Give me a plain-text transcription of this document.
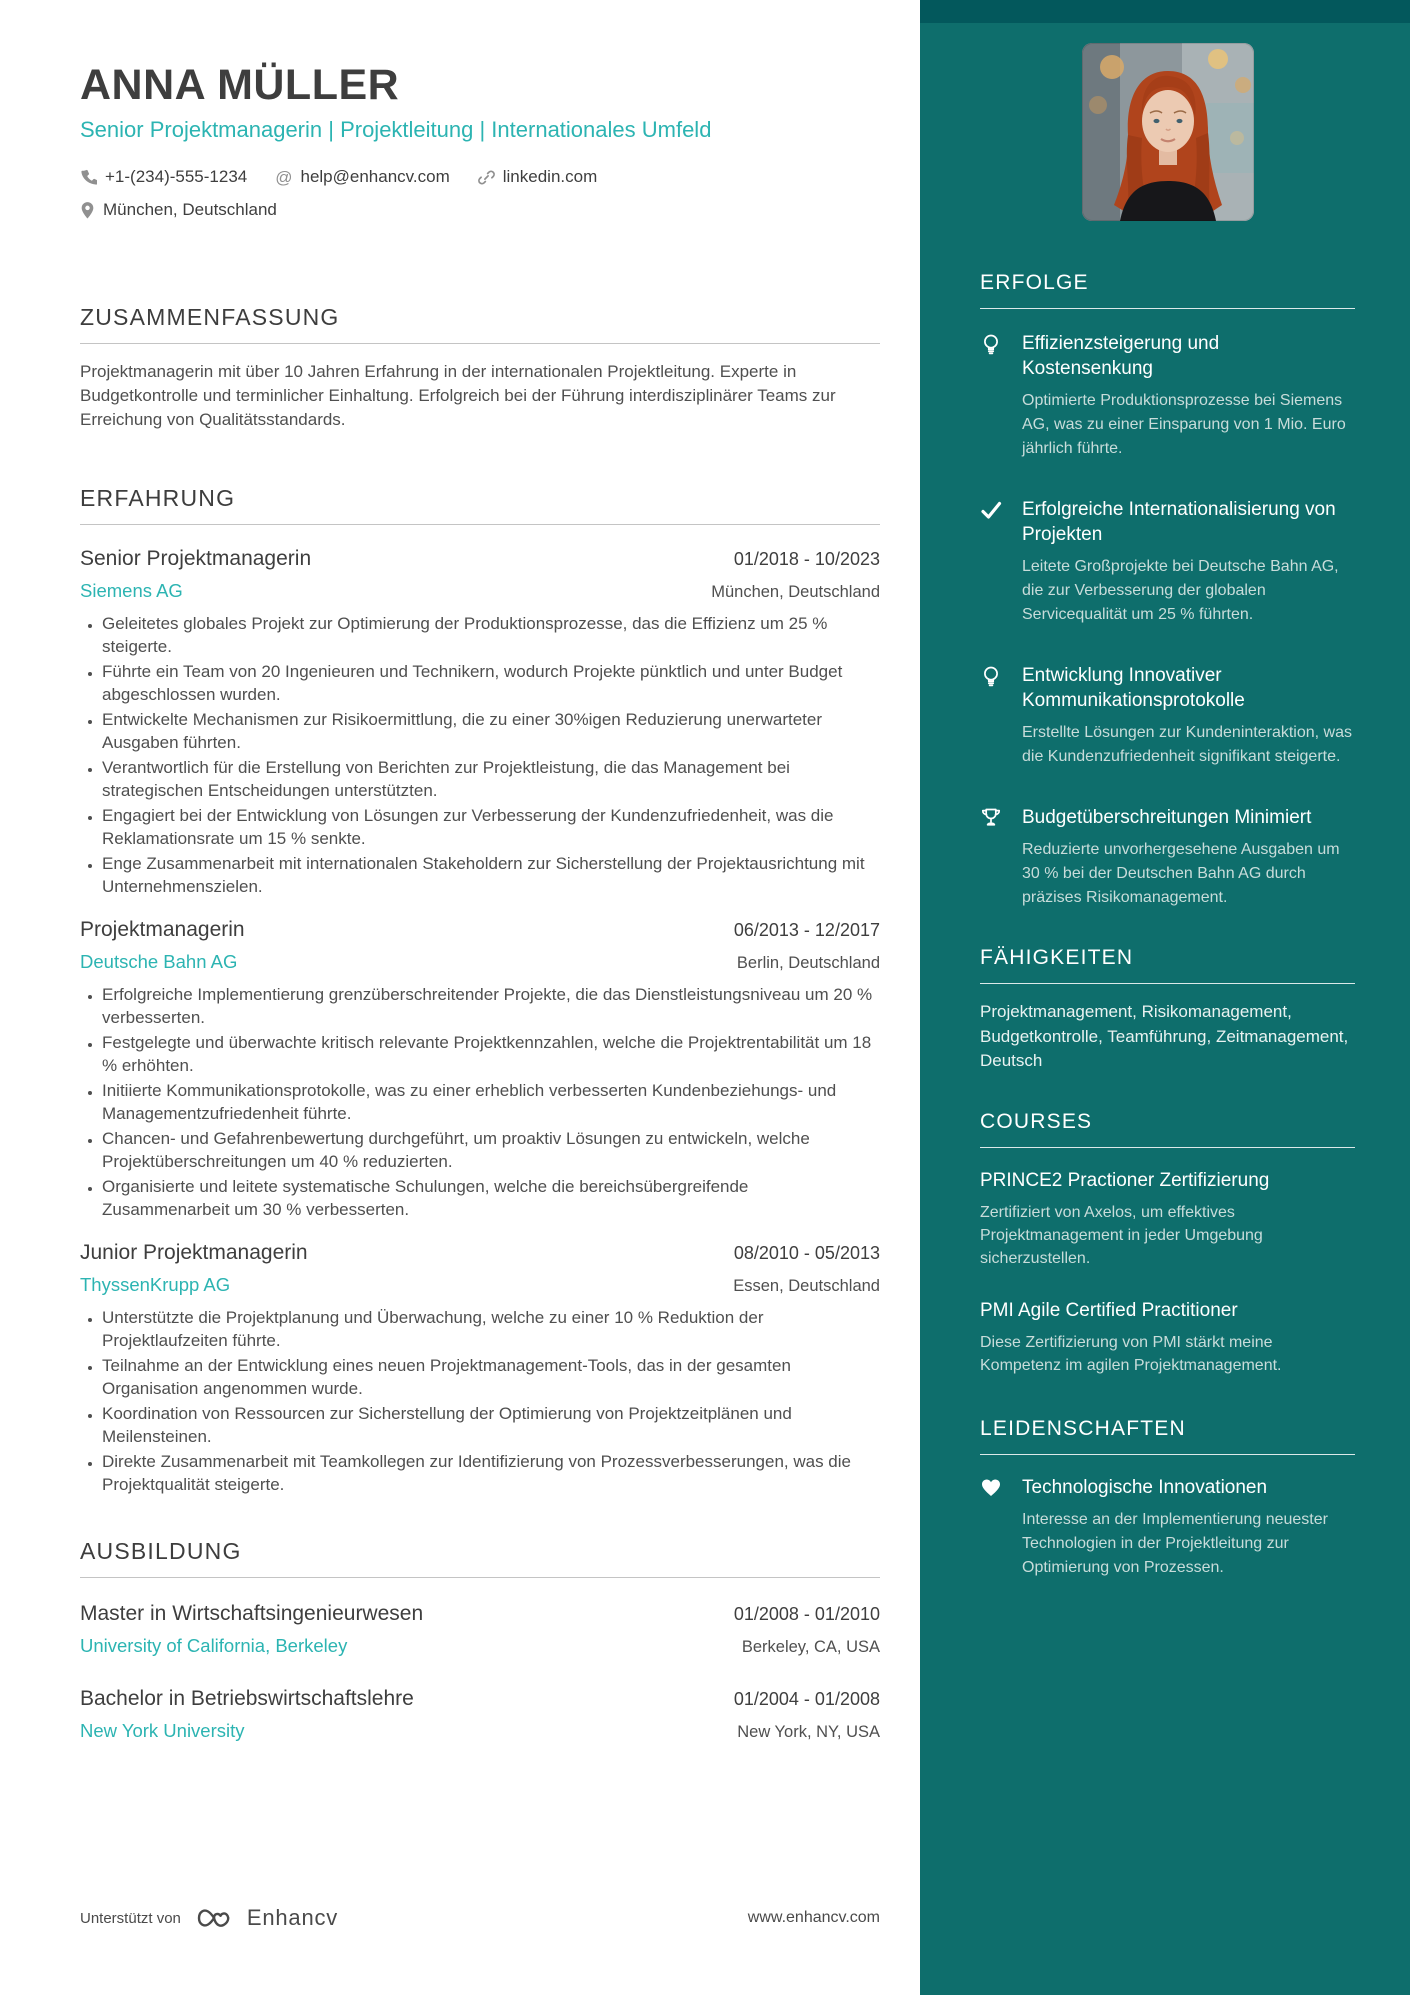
ERFOLGE
Effizienzsteigerung und Kostensenkung
Optimierte Produktionsprozesse bei Siemens AG, was zu einer Einsparung von 1 Mio. Euro jährlich führte.
Erfolgreiche Internationalisierung von Projekten
Leitete Großprojekte bei Deutsche Bahn AG, die zur Verbesserung der globalen Servicequalität um 25 % führten.
Entwicklung Innovativer Kommunikationsprotokolle
Erstellte Lösungen zur Kundeninteraktion, was die Kundenzufriedenheit signifikant steigerte.
Budgetüberschreitungen Minimiert
Reduzierte unvorhergesehene Ausgaben um 30 % bei der Deutschen Bahn AG durch präzises Risikomanagement.
FÄHIGKEITEN

Projektmanagement, Risikomanagement, Budgetkontrolle, Teamführung, Zeitmanagement, Deutsch

COURSES
PRINCE2 Practioner Zertifizierung
Zertifiziert von Axelos, um effektives Projektmanagement in jeder Umgebung sicherzustellen.
PMI Agile Certified Practitioner
Diese Zertifizierung von PMI stärkt meine Kompetenz im agilen Projektmanagement.
LEIDENSCHAFTEN
Technologische Innovationen
Interesse an der Implementierung neuester Technologien in der Projektleitung zur Optimierung von Prozessen.
ANNA MÜLLER

Senior Projektmanagerin | Projektleitung | Internationales Umfeld

+1-(234)-555-1234 @ help@enhancv.com	linkedin.com
München, Deutschland
ZUSAMMENFASSUNG

Projektmanagerin mit über 10 Jahren Erfahrung in der internationalen Projektleitung. Experte in Budgetkontrolle und terminlicher Einhaltung. Erfolgreich bei der Führung interdisziplinärer Teams zur Erreichung von Qualitätsstandards.

ERFAHRUNG
Senior Projektmanagerin	01/2018 - 10/2023
Siemens AG	München, Deutschland
• Geleitetes globales Projekt zur Optimierung der Produktionsprozesse, das die Effizienz um 25 % steigerte.
• Führte ein Team von 20 Ingenieuren und Technikern, wodurch Projekte pünktlich und unter Budget abgeschlossen wurden.
• Entwickelte Mechanismen zur Risikoermittlung, die zu einer 30%igen Reduzierung unerwarteter Ausgaben führten.
• Verantwortlich für die Erstellung von Berichten zur Projektleistung, die das Management bei strategischen Entscheidungen unterstützten.
• Engagiert bei der Entwicklung von Lösungen zur Verbesserung der Kundenzufriedenheit, was die Reklamationsrate um 15 % senkte.
• Enge Zusammenarbeit mit internationalen Stakeholdern zur Sicherstellung der Projektausrichtung mit Unternehmenszielen.
Projektmanagerin	06/2013 - 12/2017
Deutsche Bahn AG	Berlin, Deutschland
• Erfolgreiche Implementierung grenzüberschreitender Projekte, die das Dienstleistungsniveau um 20 % verbesserten.
• Festgelegte und überwachte kritisch relevante Projektkennzahlen, welche die Projektrentabilität um 18 % erhöhten.
• Initiierte Kommunikationsprotokolle, was zu einer erheblich verbesserten Kundenbeziehungs- und Managementzufriedenheit führte.
• Chancen- und Gefahrenbewertung durchgeführt, um proaktiv Lösungen zu entwickeln, welche Projektüberschreitungen um 40 % reduzierten.
• Organisierte und leitete systematische Schulungen, welche die bereichsübergreifende Zusammenarbeit um 30 % verbesserten.
Junior Projektmanagerin	08/2010 - 05/2013
ThyssenKrupp AG	Essen, Deutschland
• Unterstützte die Projektplanung und Überwachung, welche zu einer 10 % Reduktion der Projektlaufzeiten führte.
• Teilnahme an der Entwicklung eines neuen Projektmanagement-Tools, das in der gesamten Organisation angenommen wurde.
• Koordination von Ressourcen zur Sicherstellung der Optimierung von Projektzeitplänen und Meilensteinen.
• Direkte Zusammenarbeit mit Teamkollegen zur Identifizierung von Prozessverbesserungen, was die Projektqualität steigerte.
AUSBILDUNG
Master in Wirtschaftsingenieurwesen	01/2008 - 01/2010
University of California, Berkeley	Berkeley, CA, USA
Bachelor in Betriebswirtschaftslehre	01/2004 - 01/2008
New York University	New York, NY, USA
Unterstützt von	Enhancv	www.enhancv.com
